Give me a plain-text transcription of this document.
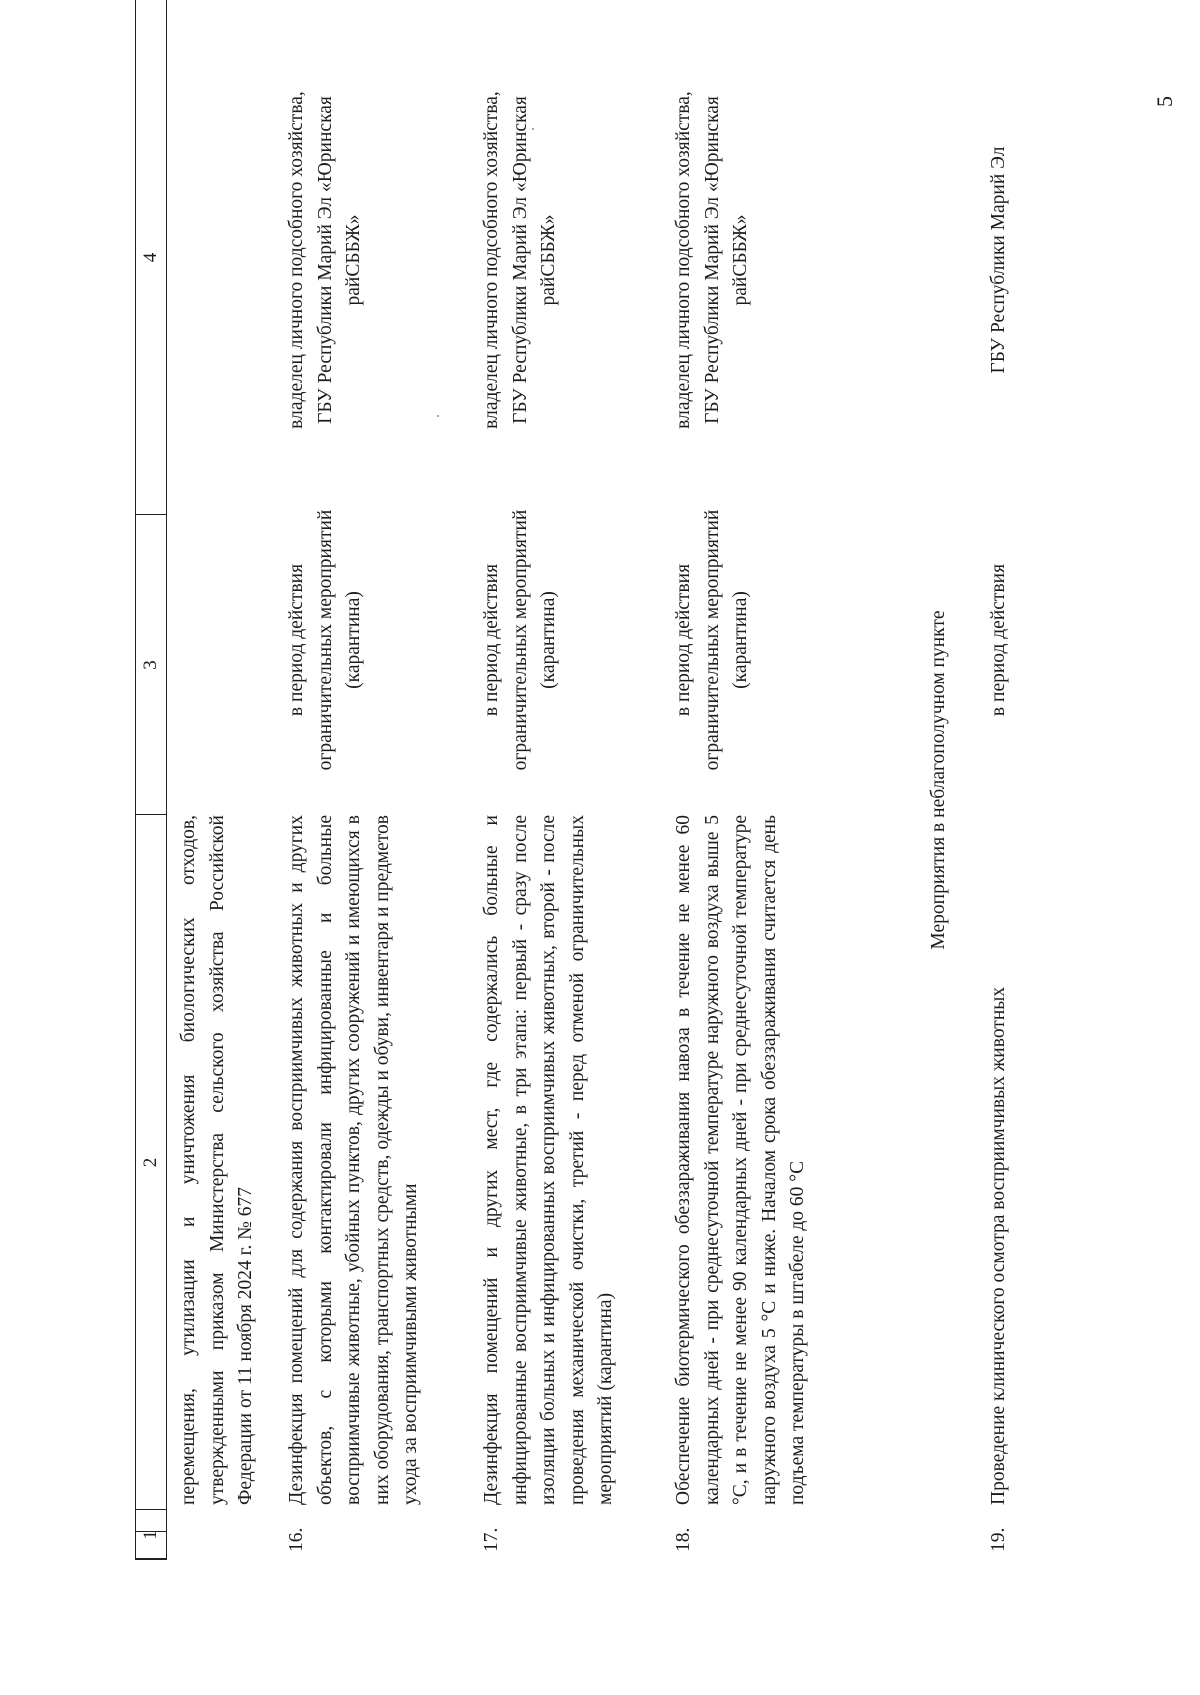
5
1
2
3
4
перемещения, утилизации и уничтожения биологических отходов, утвержденными приказом Министерства сельского хозяйства Российской Федерации от 11 ноября 2024 г. № 677
16.
Дезинфекция помещений для содержания восприимчивых животных и других объектов, с которыми контактировали инфицированные и больные восприимчивые животные, убойных пунктов, других сооружений и имеющихся в них оборудования, транспортных средств, одежды и обуви, инвентаря и предметов ухода за восприимчивыми животными
в период действия ограничительных мероприятий (карантина)
владелец личного подсобного хозяйства, ГБУ Республики Марий Эл «Юринская райСББЖ»
17.
Дезинфекция помещений и других мест, где содержались больные и инфицированные восприимчивые животные, в три этапа: первый - сразу после изоляции больных и инфицированных восприимчивых животных, второй - после проведения механической очистки, третий - перед отменой ограничительных мероприятий (карантина)
в период действия ограничительных мероприятий (карантина)
владелец личного подсобного хозяйства, ГБУ Республики Марий Эл «Юринская райСББЖ»
18.
Обеспечение биотермического обеззараживания навоза в течение не менее 60 календарных дней - при среднесуточной температуре наружного воздуха выше 5 °С, и в течение не менее 90 календарных дней - при среднесуточной температуре наружного воздуха 5 °С и ниже. Началом срока обеззараживания считается день подъема температуры в штабеле до 60 °С
в период действия ограничительных мероприятий (карантина)
владелец личного подсобного хозяйства, ГБУ Республики Марий Эл «Юринская райСББЖ»
Мероприятия в неблагополучном пункте
19.
Проведение клинического осмотра восприимчивых животных
в период действия
ГБУ Республики Марий Эл
